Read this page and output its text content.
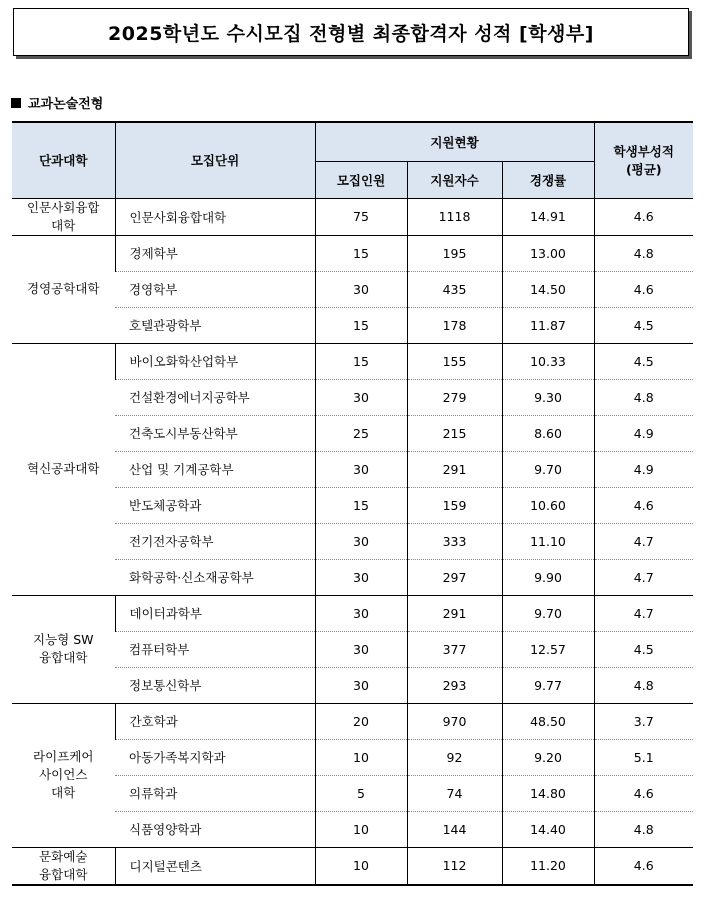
2025학년도 수시모집 전형별 최종합격자 성적 [학생부]
교과논술전형
단과대학	모집단위	지원현황			학생부성적
(평균)
		모집인원	지원자수	경쟁률	
인문사회융합
대학	인문사회융합대학	75	1118	14.91	4.6
경영공학대학	경제학부	15	195	13.00	4.8
	경영학부	30	435	14.50	4.6
	호텔관광학부	15	178	11.87	4.5
혁신공과대학	바이오화학산업학부	15	155	10.33	4.5
	건설환경에너지공학부	30	279	9.30	4.8
	건축도시부동산학부	25	215	8.60	4.9
	산업 및 기계공학부	30	291	9.70	4.9
	반도체공학과	15	159	10.60	4.6
	전기전자공학부	30	333	11.10	4.7
	화학공학·신소재공학부	30	297	9.90	4.7
지능형 SW
융합대학	데이터과학부	30	291	9.70	4.7
	컴퓨터학부	30	377	12.57	4.5
	정보통신학부	30	293	9.77	4.8
라이프케어
사이언스
대학	간호학과	20	970	48.50	3.7
	아동가족복지학과	10	92	9.20	5.1
	의류학과	5	74	14.80	4.6
	식품영양학과	10	144	14.40	4.8
문화예술
융합대학	디지털콘텐츠	10	112	11.20	4.6
